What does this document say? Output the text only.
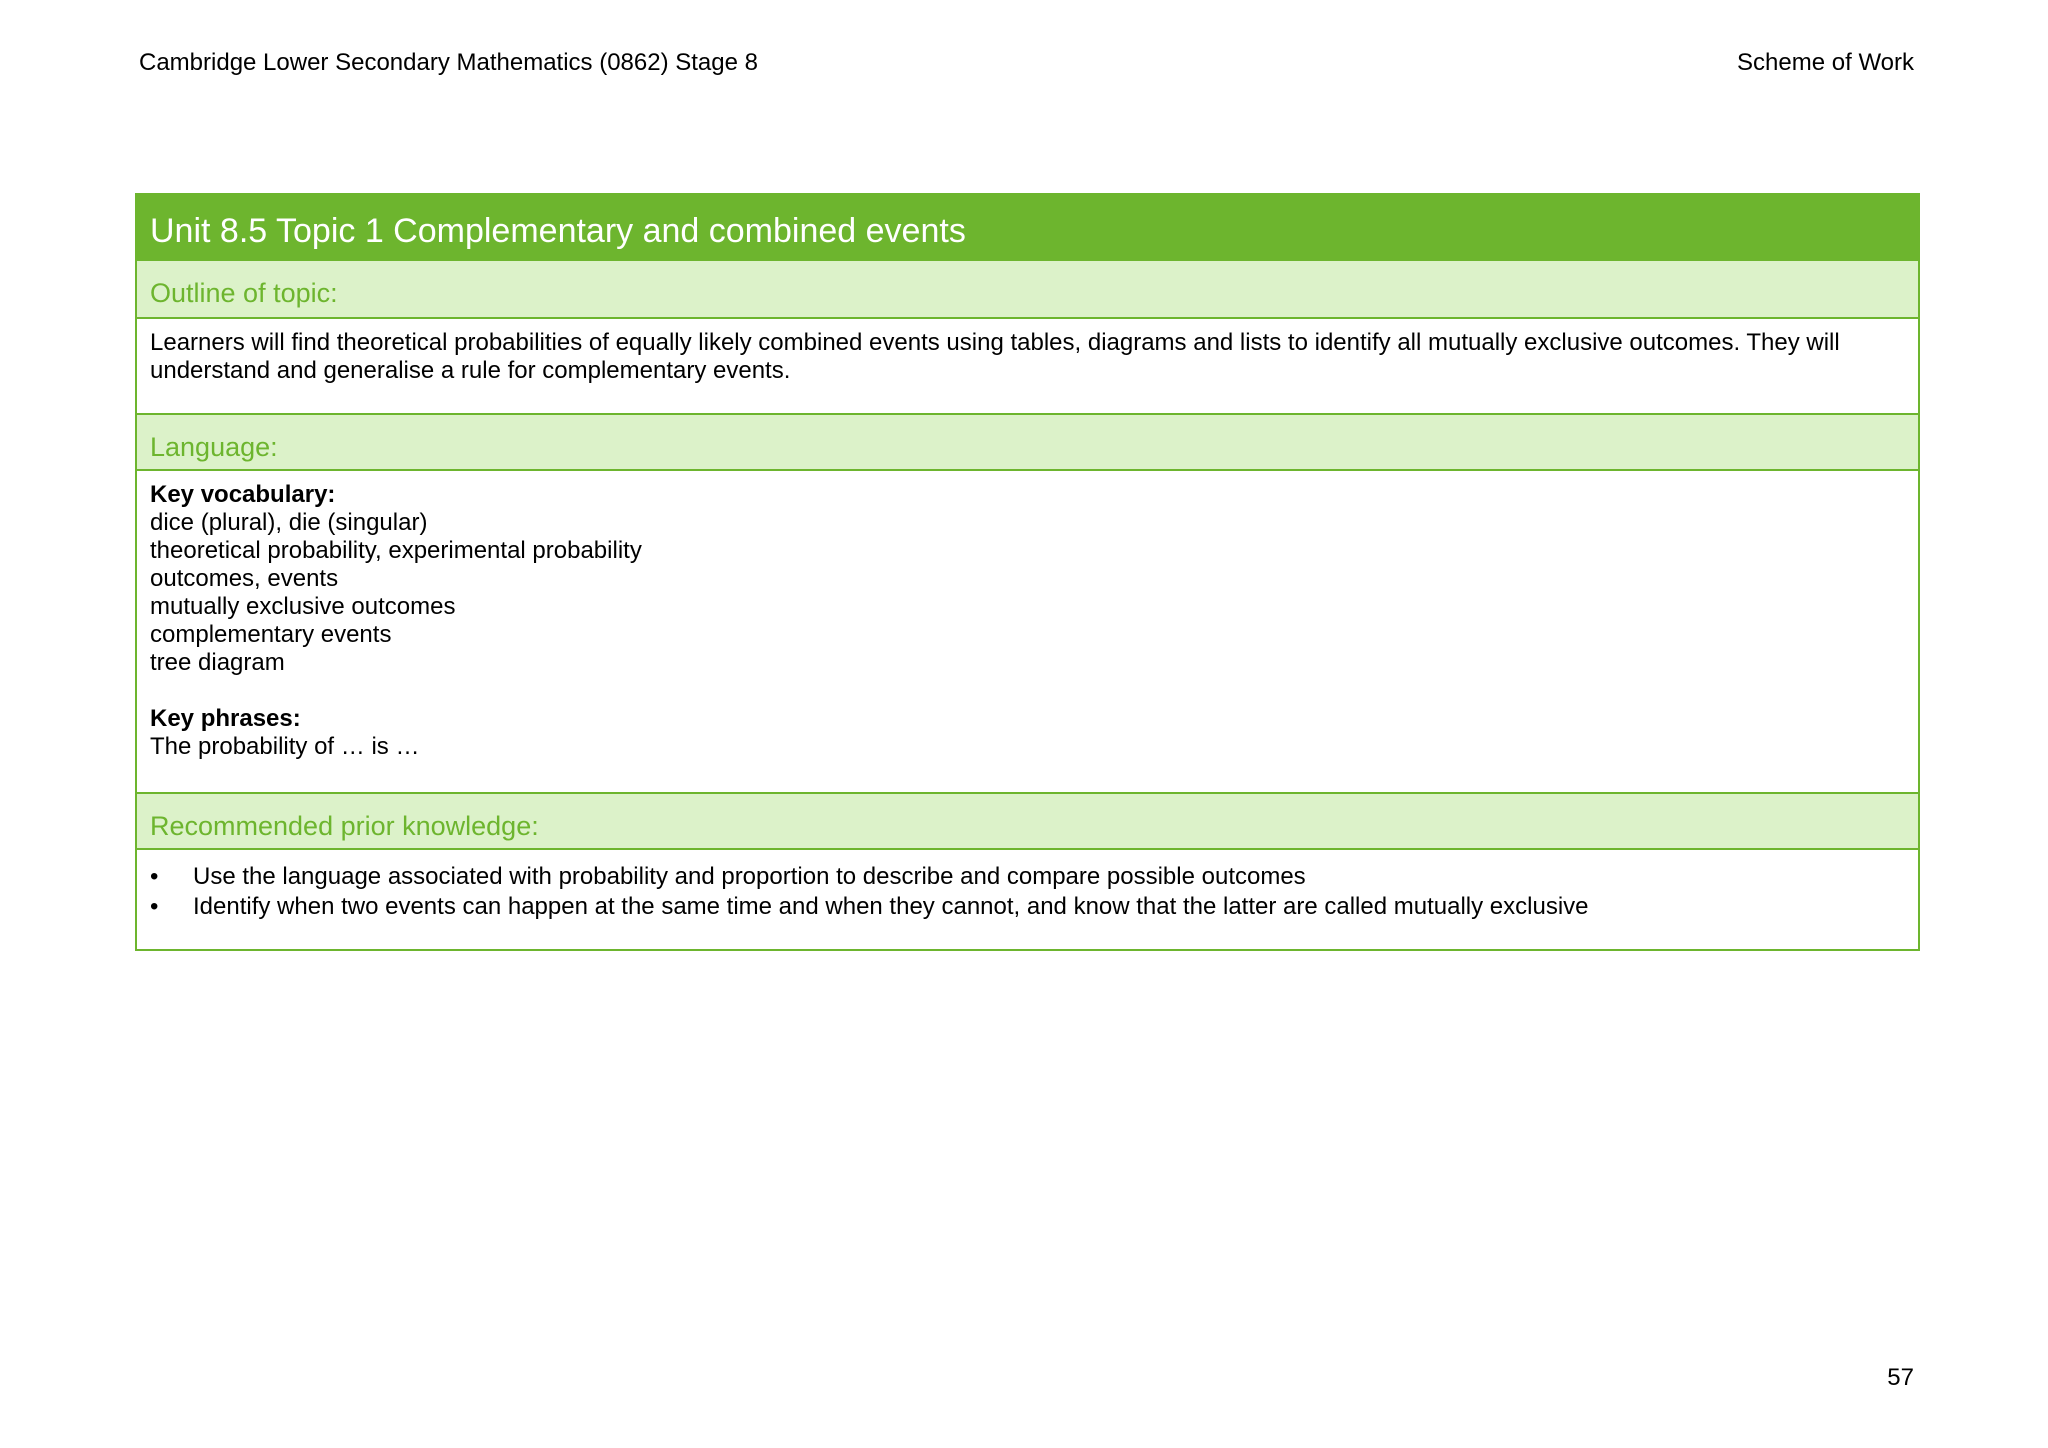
Cambridge Lower Secondary Mathematics (0862) Stage 8	Scheme of Work
Unit 8.5 Topic 1 Complementary and combined events
Outline of topic:
Learners will find theoretical probabilities of equally likely combined events using tables, diagrams and lists to identify all mutually exclusive outcomes. They will understand and generalise a rule for complementary events.
Language:
Key vocabulary:
dice (plural), die (singular)
theoretical probability, experimental probability
outcomes, events
mutually exclusive outcomes
complementary events
tree diagram
Key phrases:
The probability of … is …
Recommended prior knowledge:
• Use the language associated with probability and proportion to describe and compare possible outcomes
• Identify when two events can happen at the same time and when they cannot, and know that the latter are called mutually exclusive
57
